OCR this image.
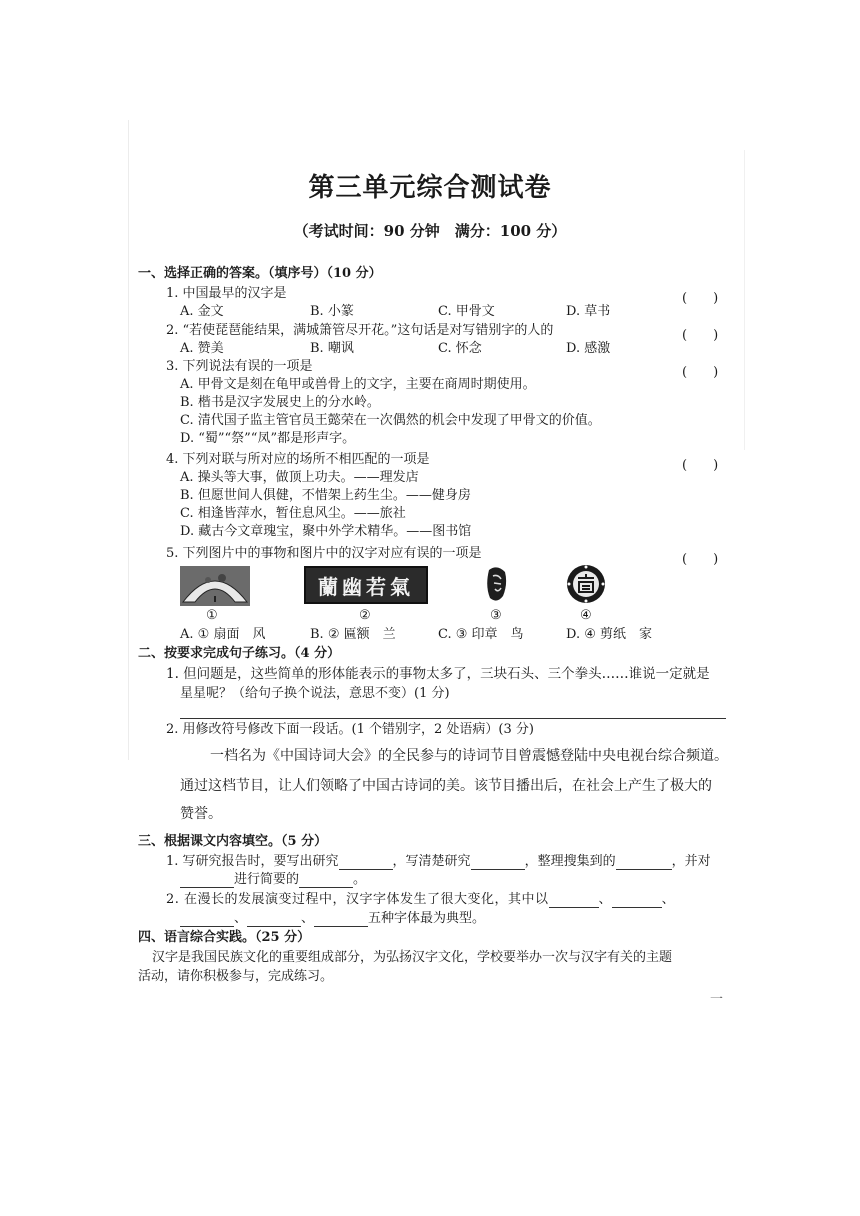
第三单元综合测试卷
（考试时间：90 分钟　满分：100 分）
一、选择正确的答案。（填序号）（10 分）
1. 中国最早的汉字是	(　　)
A. 金文	B. 小篆	C. 甲骨文	D. 草书
2. “若使琵琶能结果，满城箫管尽开花。”这句话是对写错别字的人的	(　　)
A. 赞美	B. 嘲讽	C. 怀念	D. 感激
3. 下列说法有误的一项是	(　　)
A. 甲骨文是刻在龟甲或兽骨上的文字，主要在商周时期使用。
B. 楷书是汉字发展史上的分水岭。
C. 清代国子监主管官员王懿荣在一次偶然的机会中发现了甲骨文的价值。
D. “蜀”“祭”“凤”都是形声字。
4. 下列对联与所对应的场所不相匹配的一项是	(　　)
A. 操头等大事，做顶上功夫。——理发店
B. 但愿世间人俱健，不惜架上药生尘。——健身房
C. 相逢皆萍水，暂住息风尘。——旅社
D. 藏古今文章瑰宝，聚中外学术精华。——图书馆
5. 下列图片中的事物和图片中的汉字对应有误的一项是	(　　)
蘭幽若氣
①	②	③	④
A. ① 扇面　风	B. ② 匾额　兰	C. ③ 印章　鸟	D. ④ 剪纸　家
二、按要求完成句子练习。（4 分）
1. 但问题是，这些简单的形体能表示的事物太多了，三块石头、三个拳头……谁说一定就是
星星呢？（给句子换个说法，意思不变）(1 分)
2. 用修改符号修改下面一段话。(1 个错别字，2 处语病）(3 分)
一档名为《中国诗词大会》的全民参与的诗词节目曾震憾登陆中央电视台综合频道。
通过这档节目，让人们领略了中国古诗词的美。该节目播出后，在社会上产生了极大的
赞誉。
三、根据课文内容填空。（5 分）
1. 写研究报告时，要写出研究	，写清楚研究	，整理搜集到的	，并对
进行简要的	。
2. 在漫长的发展演变过程中，汉字字体发生了很大变化，其中以	、	、
、	、	五种字体最为典型。
四、语言综合实践。（25 分）
汉字是我国民族文化的重要组成部分，为弘扬汉字文化，学校要举办一次与汉字有关的主题
活动，请你积极参与，完成练习。
一
